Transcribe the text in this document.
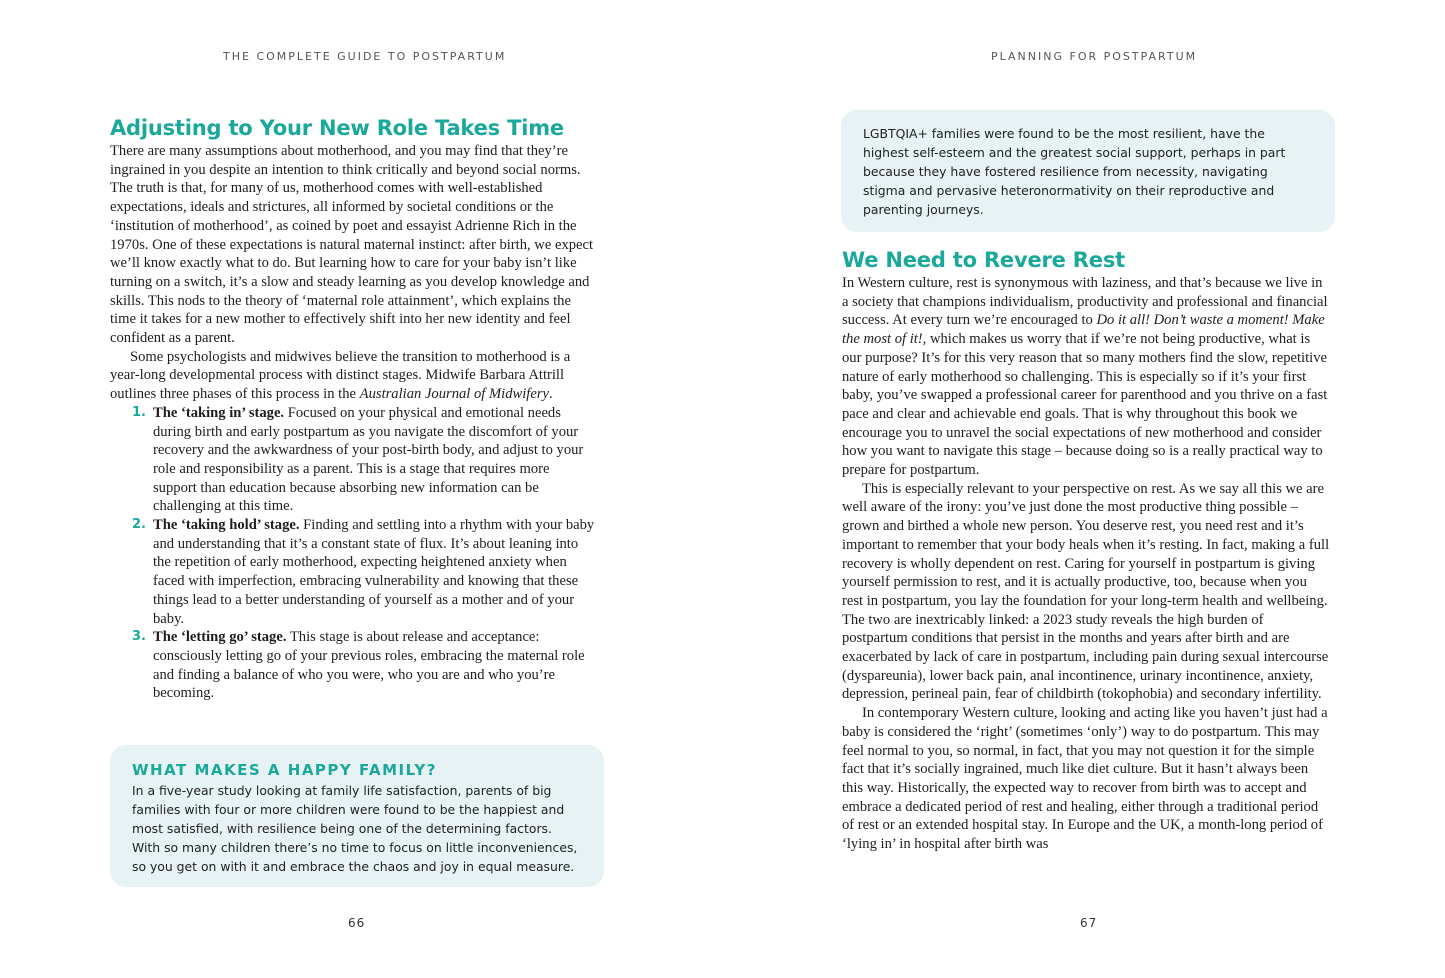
THE COMPLETE GUIDE TO POSTPARTUM
Adjusting to Your New Role Takes Time

There are many assumptions about motherhood, and you may find that they’re ingrained in you despite an intention to think critically and beyond social norms. The truth is that, for many of us, motherhood comes with well-established expectations, ideals and strictures, all informed by societal conditions or the ‘institution of motherhood’, as coined by poet and essayist Adrienne Rich in the 1970s. One of these expectations is natural maternal instinct: after birth, we expect we’ll know exactly what to do. But learning how to care for your baby isn’t like turning on a switch, it’s a slow and steady learning as you develop knowledge and skills. This nods to the theory of ‘maternal role attainment’, which explains the time it takes for a new mother to effectively shift into her new identity and feel confident as a parent.

Some psychologists and midwives believe the transition to motherhood is a year-long developmental process with distinct stages. Midwife Barbara Attrill outlines three phases of this process in the Australian Journal of Midwifery.

1. The ‘taking in’ stage. Focused on your physical and emotional needs during birth and early postpartum as you navigate the discomfort of your recovery and the awkwardness of your post-birth body, and adjust to your role and responsibility as a parent. This is a stage that requires more support than education because absorbing new information can be challenging at this time.
2. The ‘taking hold’ stage. Finding and settling into a rhythm with your baby and understanding that it’s a constant state of flux. It’s about leaning into the repetition of early motherhood, expecting heightened anxiety when faced with imperfection, embracing vulnerability and knowing that these things lead to a better understanding of yourself as a mother and of your baby.
3. The ‘letting go’ stage. This stage is about release and acceptance: consciously letting go of your previous roles, embracing the maternal role and finding a balance of who you were, who you are and who you’re becoming.
WHAT MAKES A HAPPY FAMILY?

In a five-year study looking at family life satisfaction, parents of big families with four or more children were found to be the happiest and most satisfied, with resilience being one of the determining factors. With so many children there’s no time to focus on little inconveniences, so you get on with it and embrace the chaos and joy in equal measure.

66
PLANNING FOR POSTPARTUM

LGBTQIA+ families were found to be the most resilient, have the highest self-esteem and the greatest social support, perhaps in part because they have fostered resilience from necessity, navigating stigma and pervasive heteronormativity on their reproductive and parenting journeys.

We Need to Revere Rest

In Western culture, rest is synonymous with laziness, and that’s because we live in a society that champions individualism, productivity and professional and financial success. At every turn we’re encouraged to Do it all! Don’t waste a moment! Make the most of it!, which makes us worry that if we’re not being productive, what is our purpose? It’s for this very reason that so many mothers find the slow, repetitive nature of early motherhood so challenging. This is especially so if it’s your first baby, you’ve swapped a professional career for parenthood and you thrive on a fast pace and clear and achievable end goals. That is why throughout this book we encourage you to unravel the social expectations of new motherhood and consider how you want to navigate this stage – because doing so is a really practical way to prepare for postpartum.

This is especially relevant to your perspective on rest. As we say all this we are well aware of the irony: you’ve just done the most productive thing possible – grown and birthed a whole new person. You deserve rest, you need rest and it’s important to remember that your body heals when it’s resting. In fact, making a full recovery is wholly dependent on rest. Caring for yourself in postpartum is giving yourself permission to rest, and it is actually productive, too, because when you rest in postpartum, you lay the foundation for your long-term health and wellbeing. The two are inextricably linked: a 2023 study reveals the high burden of postpartum conditions that persist in the months and years after birth and are exacerbated by lack of care in postpartum, including pain during sexual intercourse (dyspareunia), lower back pain, anal incontinence, urinary incontinence, anxiety, depression, perineal pain, fear of childbirth (tokophobia) and secondary infertility.

In contemporary Western culture, looking and acting like you haven’t just had a baby is considered the ‘right’ (sometimes ‘only’) way to do postpartum. This may feel normal to you, so normal, in fact, that you may not question it for the simple fact that it’s socially ingrained, much like diet culture. But it hasn’t always been this way. Historically, the expected way to recover from birth was to accept and embrace a dedicated period of rest and healing, either through a traditional period of rest or an extended hospital stay. In Europe and the UK, a month-long period of ‘lying in’ in hospital after birth was

67
